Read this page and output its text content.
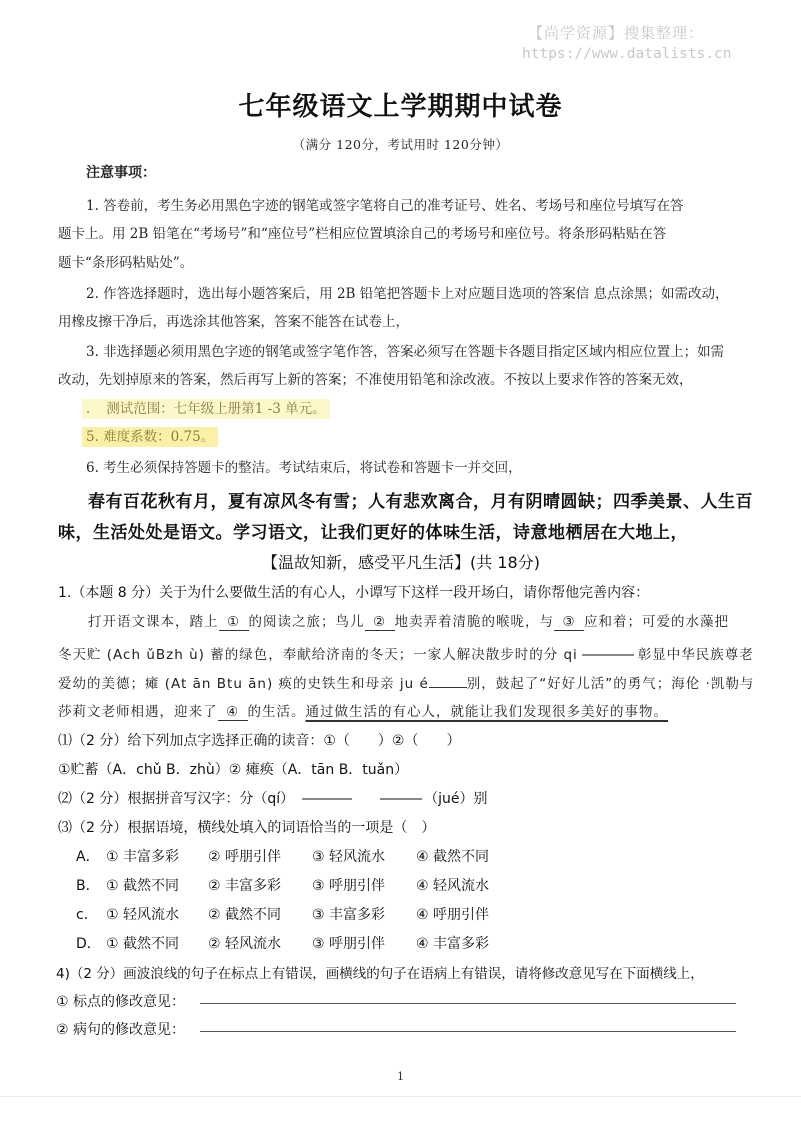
【尚学资源】搜集整理：
https://www.datalists.cn
七年级语文上学期期中试卷
（满分 120分，考试用时 120分钟）
注意事项：
1. 答卷前，考生务必用黑色字迹的钢笔或签字笔将自己的准考证号、姓名、考场号和座位号填写在答
题卡上。用 2B 铅笔在“考场号”和“座位号”栏相应位置填涂自己的考场号和座位号。将条形码粘贴在答
题卡“条形码粘贴处”。
2. 作答选择题时，选出每小题答案后，用 2B 铅笔把答题卡上对应题目选项的答案信 息点涂黑；如需改动，
用橡皮擦干净后，再选涂其他答案，答案不能答在试卷上，
3. 非选择题必须用黑色字迹的钢笔或签字笔作答，答案必须写在答题卡各题目指定区域内相应位置上；如需
改动，先划掉原来的答案，然后再写上新的答案；不准使用铅笔和涂改液。不按以上要求作答的答案无效，
．　测试范围：七年级上册第1 -3 单元。
5. 难度系数：0.75。
6. 考生必须保持答题卡的整洁。考试结束后，将试卷和答题卡一并交回，
春有百花秋有月，夏有凉风冬有雪；人有悲欢离合，月有阴晴圆缺；四季美景、人生百
味，生活处处是语文。学习语文，让我们更好的体味生活，诗意地栖居在大地上，
【温故知新，感受平凡生活】(共 18分)
1.（本题 8 分）关于为什么要做生活的有心人，小谭写下这样一段开场白，请你帮他完善内容：
打开语文课本，踏上 ① 的阅读之旅；鸟儿 ② 地卖弄着清脆的喉咙，与 ③ 应和着；可爱的水藻把
冬天贮 (Ach ǔBzh ù) 蓄的绿色，奉献给济南的冬天；一家人解决散步时的分 qi	彰显中华民族尊老
爱幼的美德；瘫 (At ān Btu ān) 痪的史铁生和母亲 ju é	别，鼓起了“好好儿活”的勇气；海伦 ·凯勒与
莎莉文老师相遇，迎来了 ④ 的生活。通过做生活的有心人，就能让我们发现很多美好的事物。
⑴（2 分）给下列加点字选择正确的读音：①（　　）②（　　）
①贮蓄（A．chǔ B．zhù）② 瘫痪（A．tān B．tuǎn）
⑵（2 分）根据拼音写汉字：分（qí）	（jué）别
⑶（2 分）根据语境，横线处填入的词语恰当的一项是（　）
A． ① 丰富多彩 ② 呼朋引伴 ③ 轻风流水 ④ 截然不同
B． ① 截然不同 ② 丰富多彩 ③ 呼朋引伴 ④ 轻风流水
c． ① 轻风流水 ② 截然不同 ③ 丰富多彩 ④ 呼朋引伴
D． ① 截然不同 ② 轻风流水 ③ 呼朋引伴 ④ 丰富多彩
4)（2 分）画波浪线的句子在标点上有错误，画横线的句子在语病上有错误，请将修改意见写在下面横线上，
① 标点的修改意见：
② 病句的修改意见：
1
